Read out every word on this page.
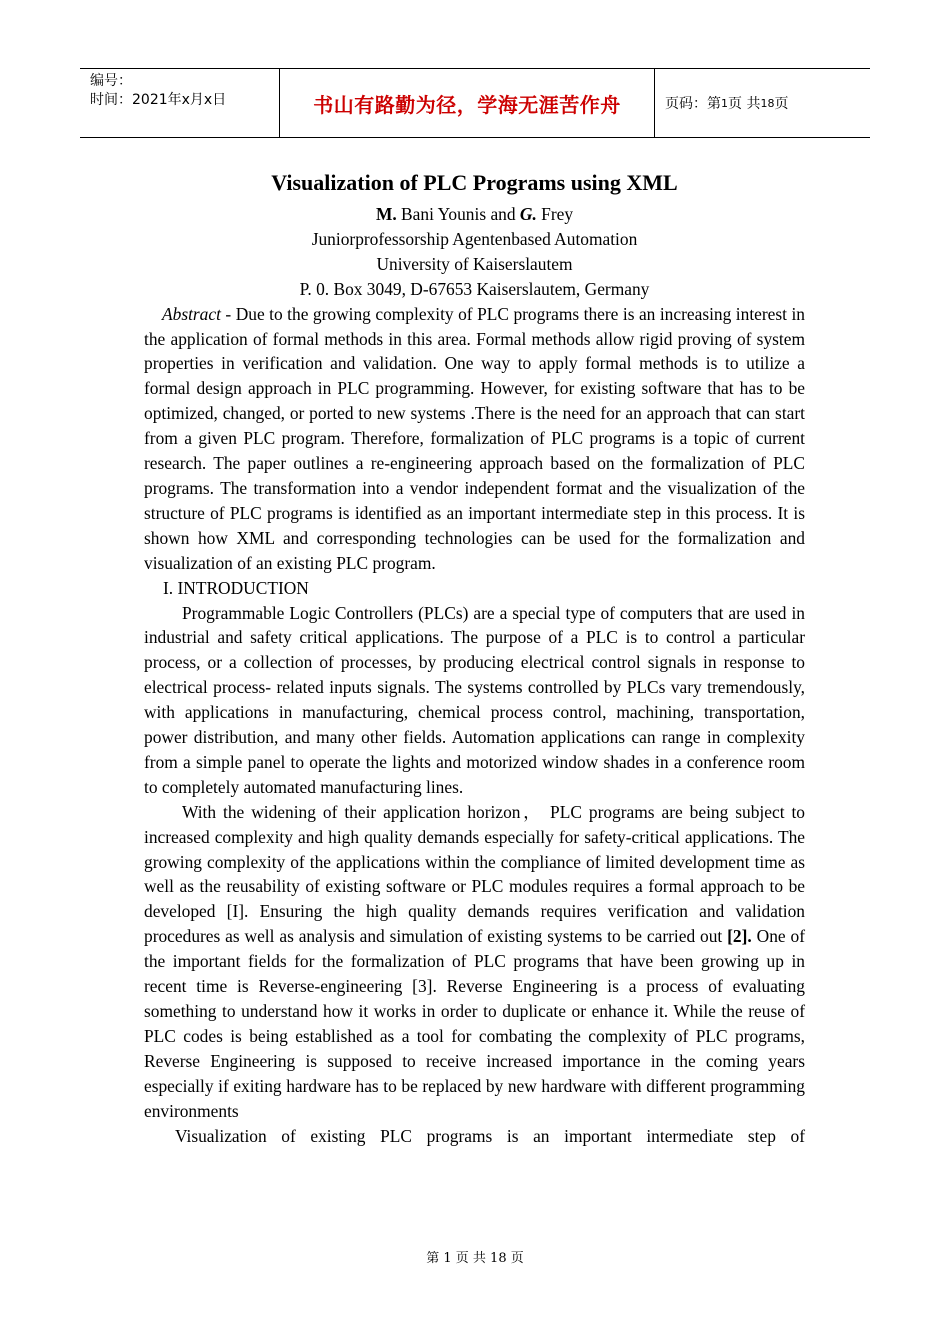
编号：
时间：2021年x月x日	书山有路勤为径，学海无涯苦作舟	页码：第 1 页 共 18 页
Visualization of PLC Programs using XML
M. Bani Younis and G. Frey
Juniorprofessorship Agentenbased Automation
University of Kaiserslautem
P. 0. Box 3049, D-67653 Kaiserslautem, Germany

Abstract - Due to the growing complexity of PLC programs there is an increasing interest in the application of formal methods in this area. Formal methods allow rigid proving of system properties in verification and validation. One way to apply formal methods is to utilize a formal design approach in PLC programming. However, for existing software that has to be optimized, changed, or ported to new systems .There is the need for an approach that can start from a given PLC program. Therefore, formalization of PLC programs is a topic of current research. The paper outlines a re-engineering approach based on the formalization of PLC programs. The transformation into a vendor independent format and the visualization of the structure of PLC programs is identified as an important intermediate step in this process. It is shown how XML and corresponding technologies can be used for the formalization and visualization of an existing PLC program.

I. INTRODUCTION

Programmable Logic Controllers (PLCs) are a special type of computers that are used in industrial and safety critical applications. The purpose of a PLC is to control a particular process, or a collection of processes, by producing electrical control signals in response to electrical process- related inputs signals. The systems controlled by PLCs vary tremendously, with applications in manufacturing, chemical process control, machining, transportation, power distribution, and many other fields. Automation applications can range in complexity from a simple panel to operate the lights and motorized window shades in a conference room to completely automated manufacturing lines.

With the widening of their application horizon， PLC programs are being subject to increased complexity and high quality demands especially for safety-critical applications. The growing complexity of the applications within the compliance of limited development time as well as the reusability of existing software or PLC modules requires a formal approach to be developed [I]. Ensuring the high quality demands requires verification and validation procedures as well as analysis and simulation of existing systems to be carried out [2]. One of the important fields for the formalization of PLC programs that have been growing up in recent time is Reverse-engineering [3]. Reverse Engineering is a process of evaluating something to understand how it works in order to duplicate or enhance it. While the reuse of PLC codes is being established as a tool for combating the complexity of PLC programs, Reverse Engineering is supposed to receive increased importance in the coming years especially if exiting hardware has to be replaced by new hardware with different programming environments

Visualization of existing PLC programs is an important intermediate step of

第 1 页 共 18 页
